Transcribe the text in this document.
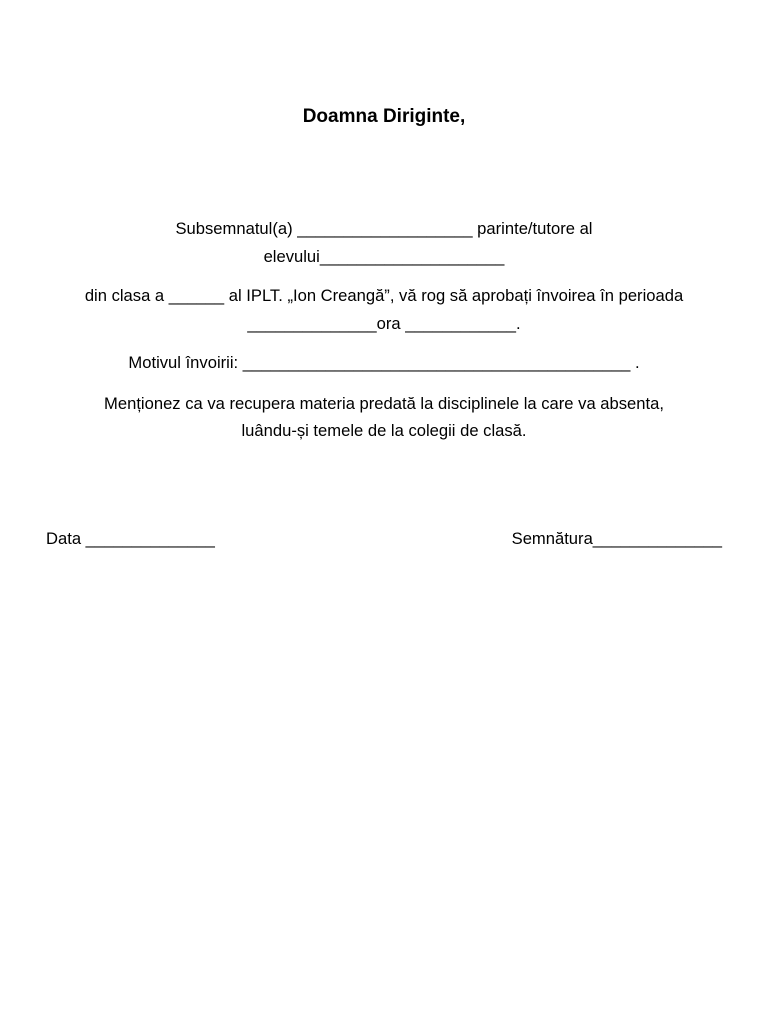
Doamna Diriginte,
Subsemnatul(a) ___________________ parinte/tutore al
elevului____________________
din clasa a ______ al IPLT. „Ion Creangă”, vă rog să aprobați învoirea în perioada
______________ora ____________.
Motivul învoirii: __________________________________________ .
Menționez ca va recupera materia predată la disciplinele la care va absenta,
luându-și temele de la colegii de clasă.
Data ______________	Semnătura______________
